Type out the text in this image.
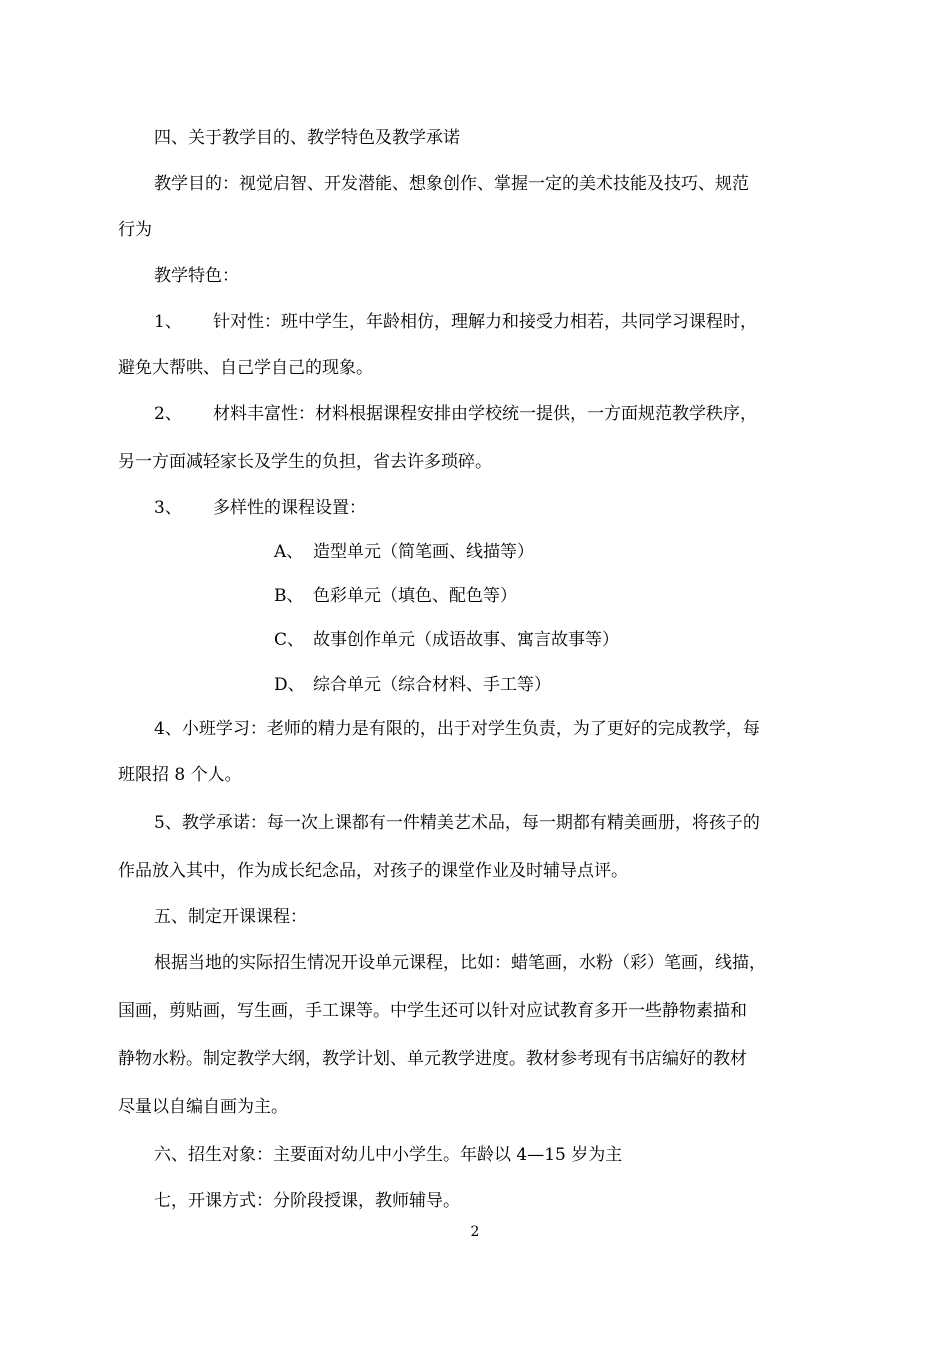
四、关于教学目的、教学特色及教学承诺
教学目的：视觉启智、开发潜能、想象创作、掌握一定的美术技能及技巧、规范
行为
教学特色：
1、 针对性：班中学生，年龄相仿，理解力和接受力相若，共同学习课程时，
避免大帮哄、自己学自己的现象。
2、 材料丰富性：材料根据课程安排由学校统一提供，一方面规范教学秩序，
另一方面减轻家长及学生的负担，省去许多琐碎。
3、 多样性的课程设置：
A、 造型单元（简笔画、线描等）
B、 色彩单元（填色、配色等）
C、 故事创作单元（成语故事、寓言故事等）
D、 综合单元（综合材料、手工等）
4、小班学习：老师的精力是有限的，出于对学生负责，为了更好的完成教学，每
班限招 8 个人。
5、教学承诺：每一次上课都有一件精美艺术品，每一期都有精美画册，将孩子的
作品放入其中，作为成长纪念品，对孩子的课堂作业及时辅导点评。
五、制定开课课程：
根据当地的实际招生情况开设单元课程，比如：蜡笔画，水粉（彩）笔画，线描，
国画，剪贴画，写生画，手工课等。中学生还可以针对应试教育多开一些静物素描和
静物水粉。制定教学大纲，教学计划、单元教学进度。教材参考现有书店编好的教材
尽量以自编自画为主。
六、招生对象：主要面对幼儿中小学生。年龄以 4—15 岁为主
七，开课方式：分阶段授课，教师辅导。
2
